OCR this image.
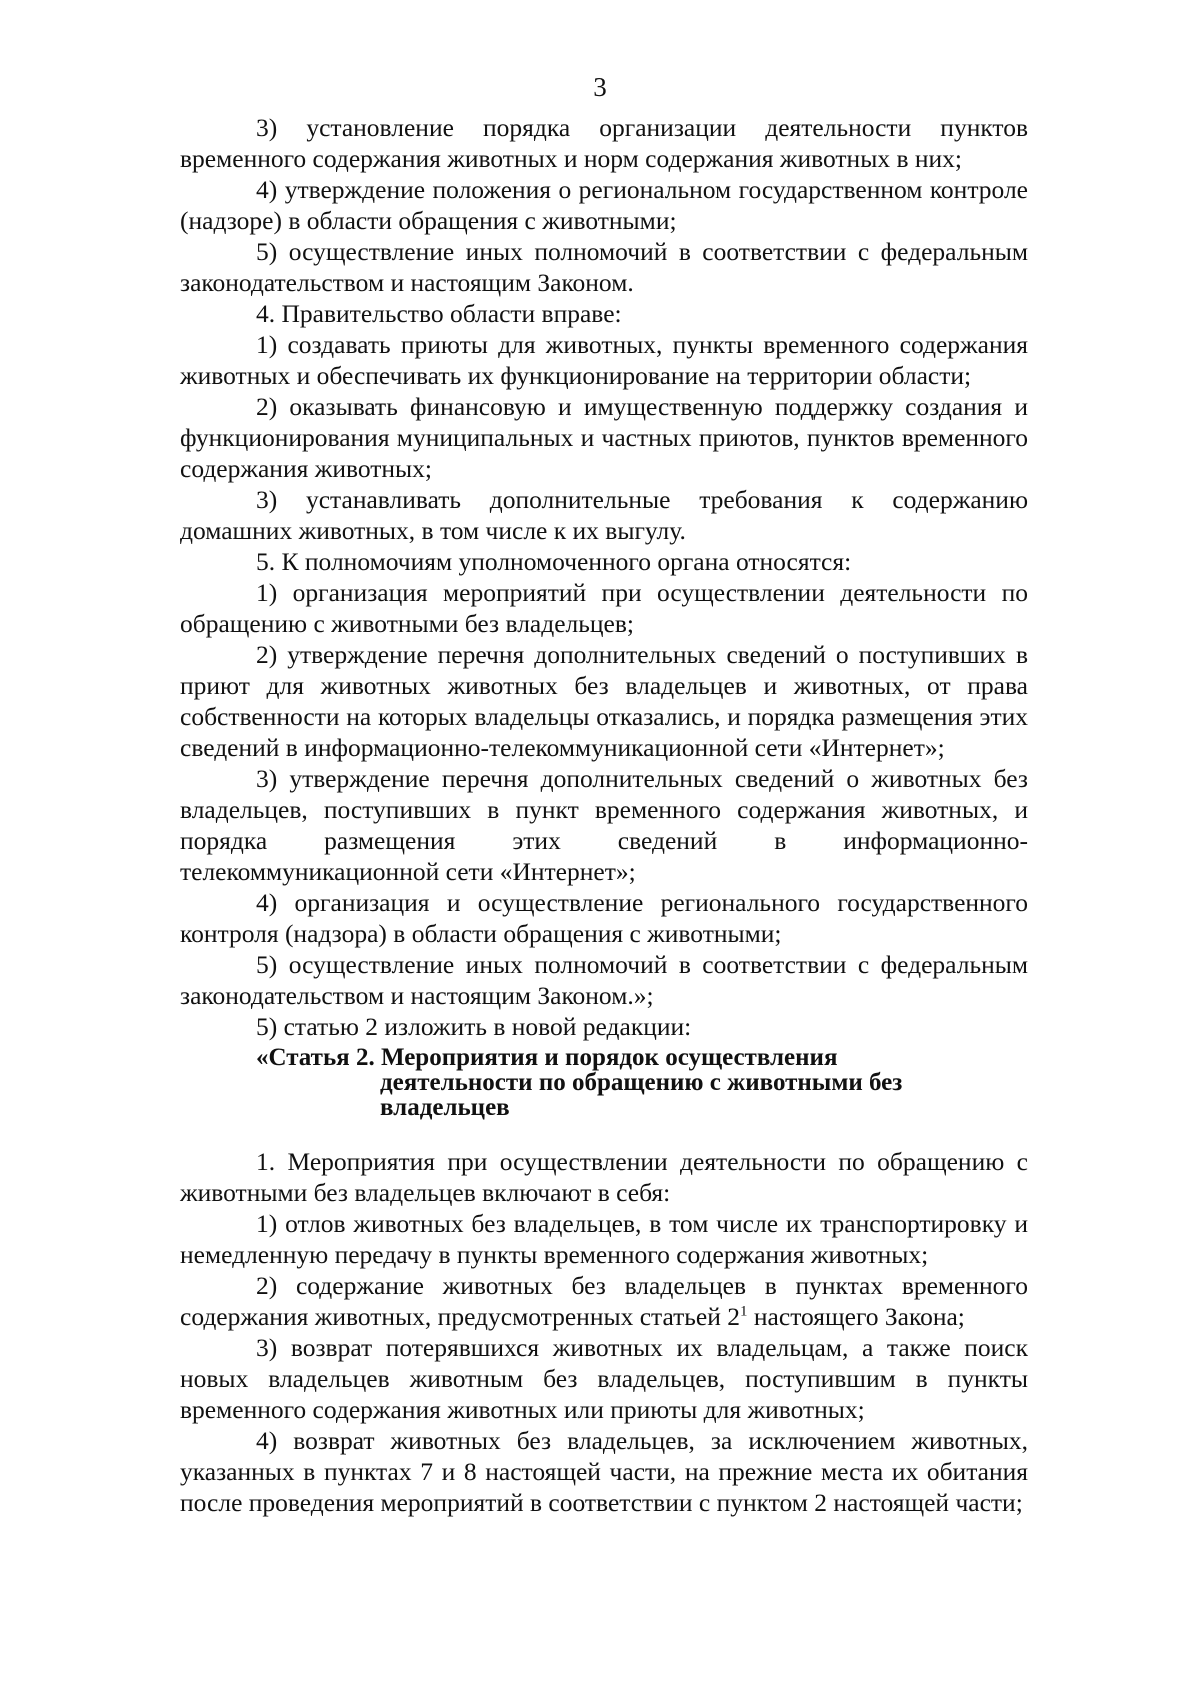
3

3) установление порядка организации деятельности пунктов временного содержания животных и норм содержания животных в них;

4) утверждение положения о региональном государственном контроле (надзоре) в области обращения с животными;

5) осуществление иных полномочий в соответствии с федеральным законодательством и настоящим Законом.

4. Правительство области вправе:

1) создавать приюты для животных, пункты временного содержания животных и обеспечивать их функционирование на территории области;

2) оказывать финансовую и имущественную поддержку создания и функционирования муниципальных и частных приютов, пунктов временного содержания животных;

3) устанавливать дополнительные требования к содержанию домашних животных, в том числе к их выгулу.

5. К полномочиям уполномоченного органа относятся:

1) организация мероприятий при осуществлении деятельности по обращению с животными без владельцев;

2) утверждение перечня дополнительных сведений о поступивших в приют для животных животных без владельцев и животных, от права собственности на которых владельцы отказались, и порядка размещения этих сведений в информационно-телекоммуникационной сети «Интернет»;

3) утверждение перечня дополнительных сведений о животных без владельцев, поступивших в пункт временного содержания животных, и порядка размещения этих сведений в информационно-телекоммуникационной сети «Интернет»;

4) организация и осуществление регионального государственного контроля (надзора) в области обращения с животными;

5) осуществление иных полномочий в соответствии с федеральным законодательством и настоящим Законом.»;

5) статью 2 изложить в новой редакции:

«Статья 2. Мероприятия и порядок осуществления
деятельности по обращению с животными без
владельцев

1. Мероприятия при осуществлении деятельности по обращению с животными без владельцев включают в себя:

1) отлов животных без владельцев, в том числе их транспортировку и немедленную передачу в пункты временного содержания животных;

2) содержание животных без владельцев в пунктах временного содержания животных, предусмотренных статьей $2^1$ настоящего Закона;

3) возврат потерявшихся животных их владельцам, а также поиск новых владельцев животным без владельцев, поступившим в пункты временного содержания животных или приюты для животных;

4) возврат животных без владельцев, за исключением животных, указанных в пунктах 7 и 8 настоящей части, на прежние места их обитания после проведения мероприятий в соответствии с пунктом 2 настоящей части;
